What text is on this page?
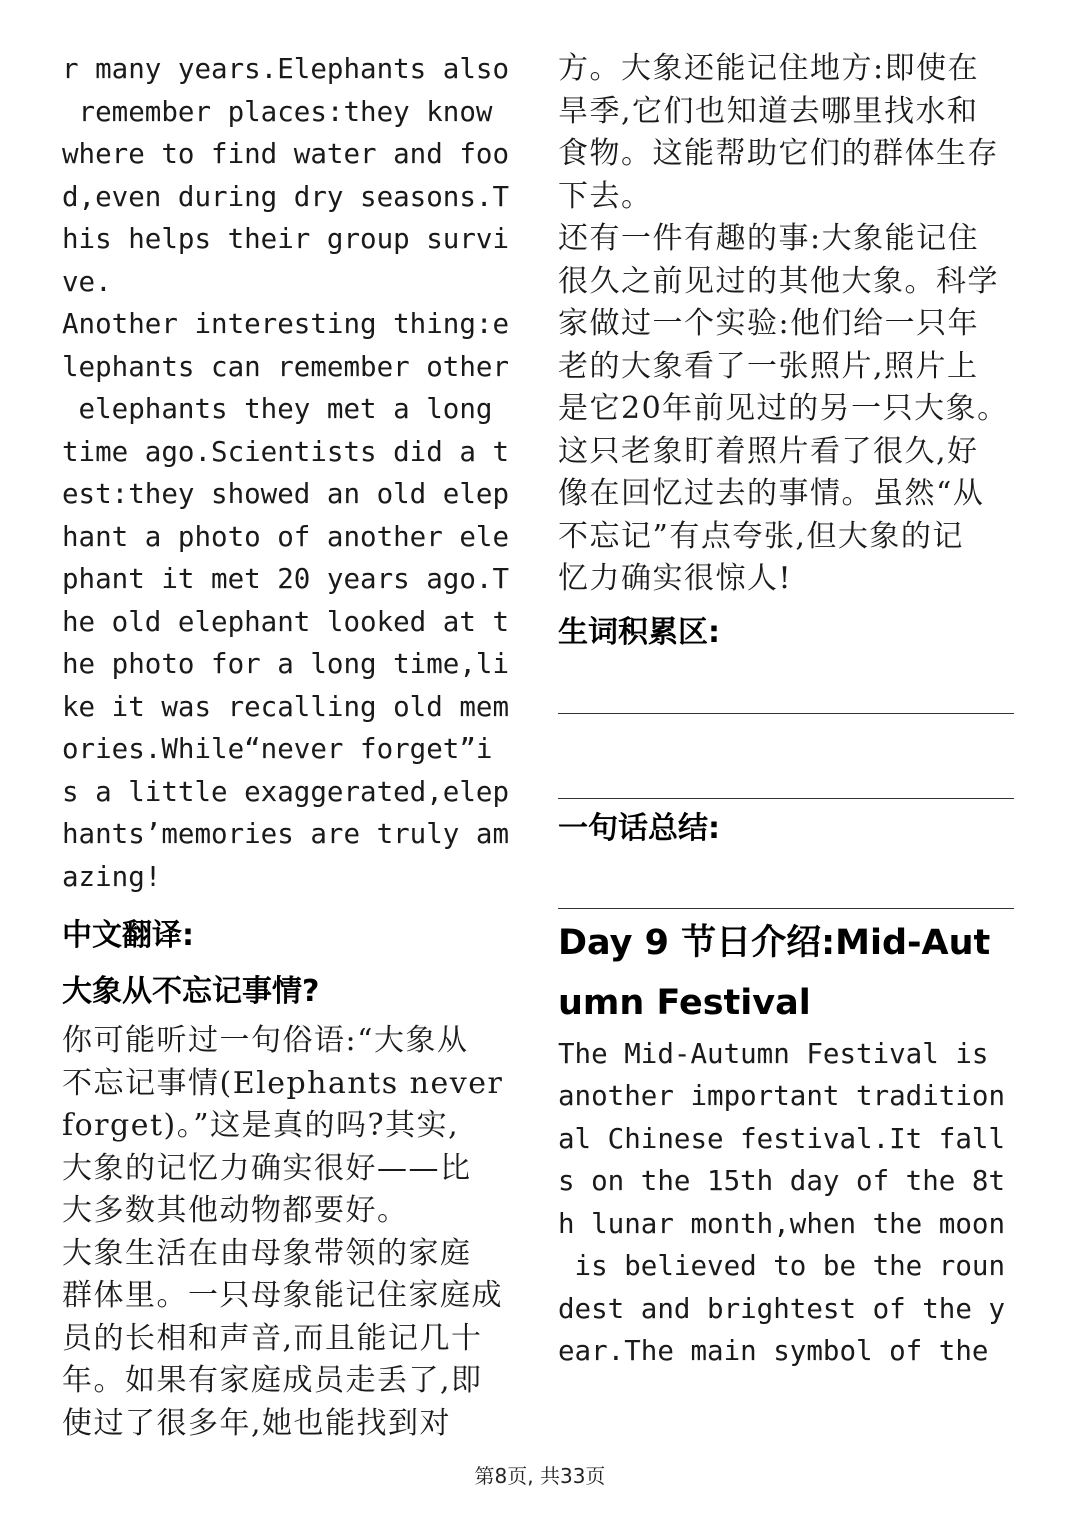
r many years.Elephants also
remember places:they know
where to find water and foo
d,even during dry seasons.T
his helps their group survi
ve.
Another interesting thing:e
lephants can remember other
elephants they met a long
time ago.Scientists did a t
est:they showed an old elep
hant a photo of another ele
phant it met 20 years ago.T
he old elephant looked at t
he photo for a long time,li
ke it was recalling old mem
ories.While“never forget”i
s a little exaggerated,elep
hants’memories are truly am
azing!
中文翻译:
大象从不忘记事情?
你可能听过一句俗语:“大象从
不忘记事情(Elephants never
forget)。”这是真的吗?其实,
大象的记忆力确实很好——比
大多数其他动物都要好。
大象生活在由母象带领的家庭
群体里。一只母象能记住家庭成
员的长相和声音,而且能记几十
年。如果有家庭成员走丢了,即
使过了很多年,她也能找到对
方。大象还能记住地方:即使在
旱季,它们也知道去哪里找水和
食物。这能帮助它们的群体生存
下去。
还有一件有趣的事:大象能记住
很久之前见过的其他大象。科学
家做过一个实验:他们给一只年
老的大象看了一张照片,照片上
是它20年前见过的另一只大象。
这只老象盯着照片看了很久,好
像在回忆过去的事情。虽然“从
不忘记”有点夸张,但大象的记
忆力确实很惊人!
生词积累区:
一句话总结:
Day 9 节日介绍:Mid-Aut
umn Festival
The Mid-Autumn Festival is
another important tradition
al Chinese festival.It fall
s on the 15th day of the 8t
h lunar month,when the moon
is believed to be the roun
dest and brightest of the y
ear.The main symbol of the
第8页, 共33页
